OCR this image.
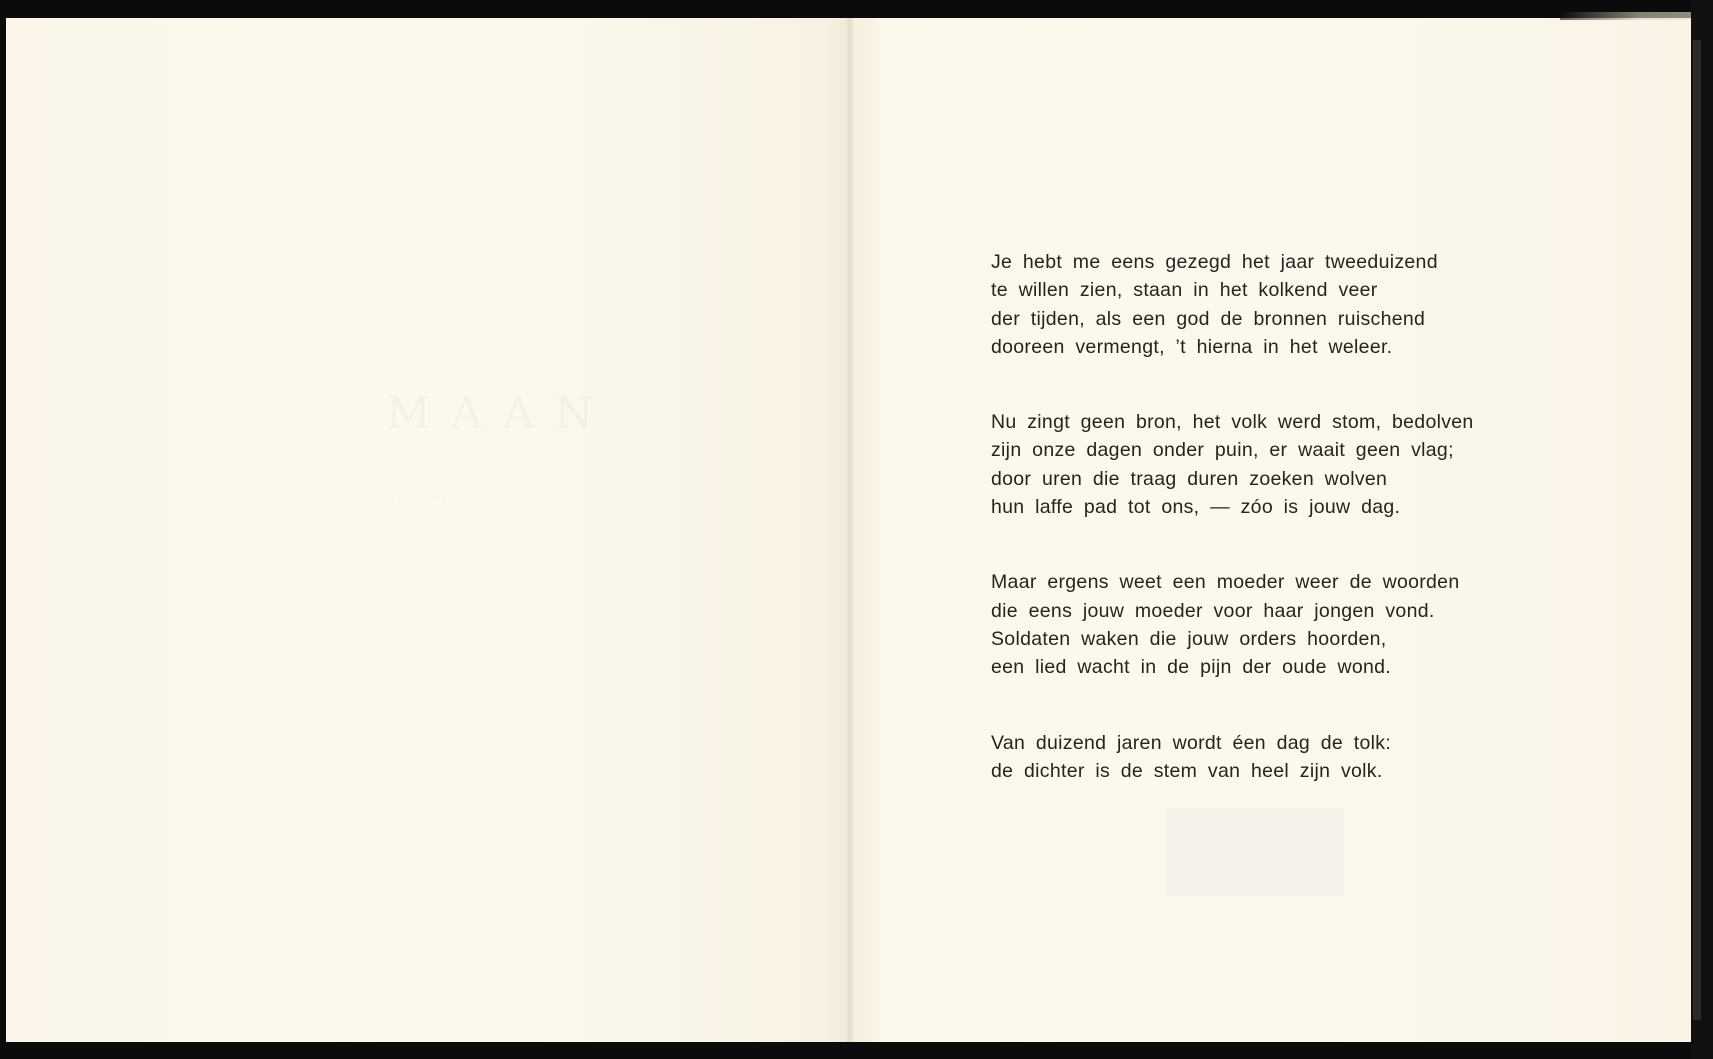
Je hebt me eens gezegd het jaar tweeduizend
te willen zien, staan in het kolkend veer
der tijden, als een god de bronnen ruischend
dooreen vermengt, ’t hierna in het weleer.
Nu zingt geen bron, het volk werd stom, bedolven
zijn onze dagen onder puin, er waait geen vlag;
door uren die traag duren zoeken wolven
hun laffe pad tot ons, — zóo is jouw dag.
Maar ergens weet een moeder weer de woorden
die eens jouw moeder voor haar jongen vond.
Soldaten waken die jouw orders hoorden,
een lied wacht in de pijn der oude wond.
Van duizend jaren wordt éen dag de tolk:
de dichter is de stem van heel zijn volk.
